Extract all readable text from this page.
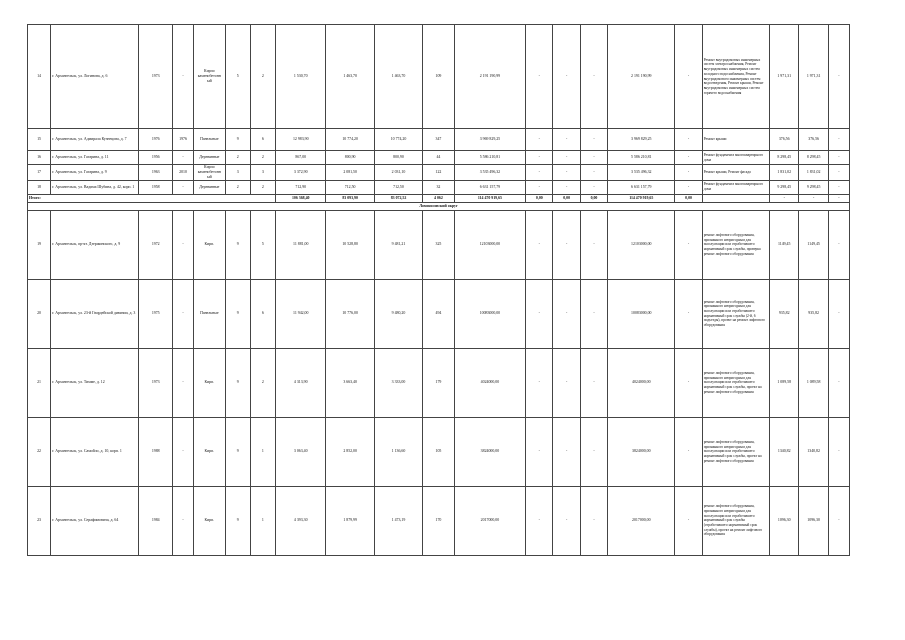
14	г. Архангельск, ул. Логинова, д. 6	1973	-	Кирпо каменобетонн ый	5	2	1 530,70	1 463,70	1 463,70	109	2 191 190,99	-	-	-	2 191 190,99	-	Ремонт внутридомовых инженерных систем электроснабжения, Ремонт внутридомовых инженерных систем холодного водоснабжения, Ремонт внутридомового инженерных систем водоотведения, Ремонт крыши, Ремонт внутридомовых инженерных систем горячего водоснабжения	1 971,31	1 971,31	-
15	г. Архангельск, ул. Адмирала Кузнецова, д. 7	1976	1976	Панельные	9	6	12 983,90	10 774,20	10 774,20	347	3 969 829,25	-	-	-	3 969 829,25	-	Ремонт крыши	376,56	376,56	-
16	г. Архангельск, ул. Гагарина, д. 11	1956	-	Деревянные	2	2	867,00	800,90	800,90	44	5 586 210,81	-	-	-	5 586 210,81	-	Ремонт фундамента многоквартирного дома	8 298,45	8 298,45	-
17	г. Архангельск, ул. Гагарина, д. 9	1963	2010	Кирпо каменобетонн ый	3	3	3 372,90	2 081,50	2 031,10	122	3 535 496,32	-	-	-	3 535 496,32	-	Ремонт крыши, Ремонт фасада	1 831,02	1 831,02	-
18	г. Архангельск, ул. Вадима Шубина, д. 42, корп. 1	1958	-	Деревянные	2	2	712,90	712,50	712,50	32	6 631 157,79	-	-	-	6 631 157,79	-	Ремонт фундамента многоквартирного дома	9 298,45	9 298,45	-
Итого:							106 368,40	83 093,90	83 072,52	4 062	114 470 919,65	0,00	0,00	0,00	114 470 919,65	0,00		-	-	-
Ломоносовский округ																				
19	г. Архангельск, пр-кт. Дзержинского, д. 9	1972	-	Кирп.	9	5	11 881,00	10 528,80	9 481,21	325	12103000,00	-	-	-	12103000,00	-	ремонт лифтового оборудования, признанного непригодным для эксплуатации или отработавшего нормативный срок службы, проверка ремонт лифтового оборудования	1149,45	1149,45	-
20	г. Архангельск, ул. 23-й Гвардейской дивизии, д. 3	1975	-	Панельные	9	6	11 942,00	10 776,00	9 480,20	494	10083000,00	-	-	-	10083000,00	-	ремонт лифтового оборудования, признанного непригодным для эксплуатации или отработавшего нормативный срок службы (2-й, 6 подъезды), проект на ремонт лифтового оборудования	935,82	935,82	-
21	г. Архангельск, ул. Тимме, д. 12	1973	-	Кирп.	9	2	4 313,90	3 663,40	3 333,00	179	4024000,00	-	-	-	4024000,00	-	ремонт лифтового оборудования, признанного непригодным для эксплуатации или отработавшего нормативный срок службы, проект на ремонт лифтового оборудования	1 089,58	1 089,58	-
22	г. Архангельск, ул. Самойло, д. 10, корп. 1	1988	-	Кирп.	9	1	3 063,40	2 852,00	1 136,60	105	3824000,00	-	-	-	3824000,00	-	ремонт лифтового оборудования, признанного непригодным для эксплуатации или отработавшего нормативный срок службы, проект на ремонт лифтового оборудования	1340,82	1340,82	-
23	г. Архангельск, ул. Серафимовича, д. 64	1984	-	Кирп.	9	1	4 393,30	1 879,99	1 473,19	170	2017000,00	-	-	-	2017000,00	-	ремонт лифтового оборудования, признанного непригодным для эксплуатации или отработавшего нормативный срок службы (отработавшего нормативный срок службы), проект на ремонт лифтового оборудования	1096,30	1096,30	-
